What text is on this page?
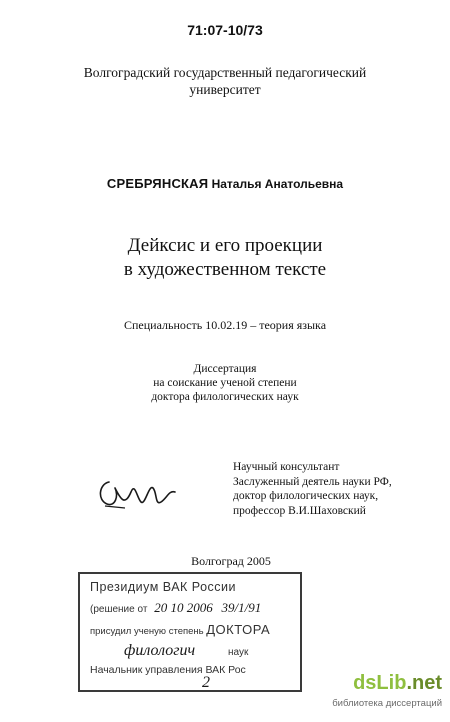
71:07-10/73
Волгоградский государственный педагогический
университет
СРЕБРЯНСКАЯ Наталья Анатольевна
Дейксис и его проекции
в художественном тексте
Специальность 10.02.19 – теория языка
Диссертация
на соискание ученой степени
доктора филологических наук
Научный консультант
Заслуженный деятель науки РФ,
доктор филологических наук,
профессор В.И.Шаховский
Волгоград 2005
Президиум ВАК России
(решение от 20 10 2006 39/1/91
присудил ученую степень ДОКТОРА
филологич	наук
Начальник управления ВАК Рос
2	dsLib.net
библиотека диссертаций
